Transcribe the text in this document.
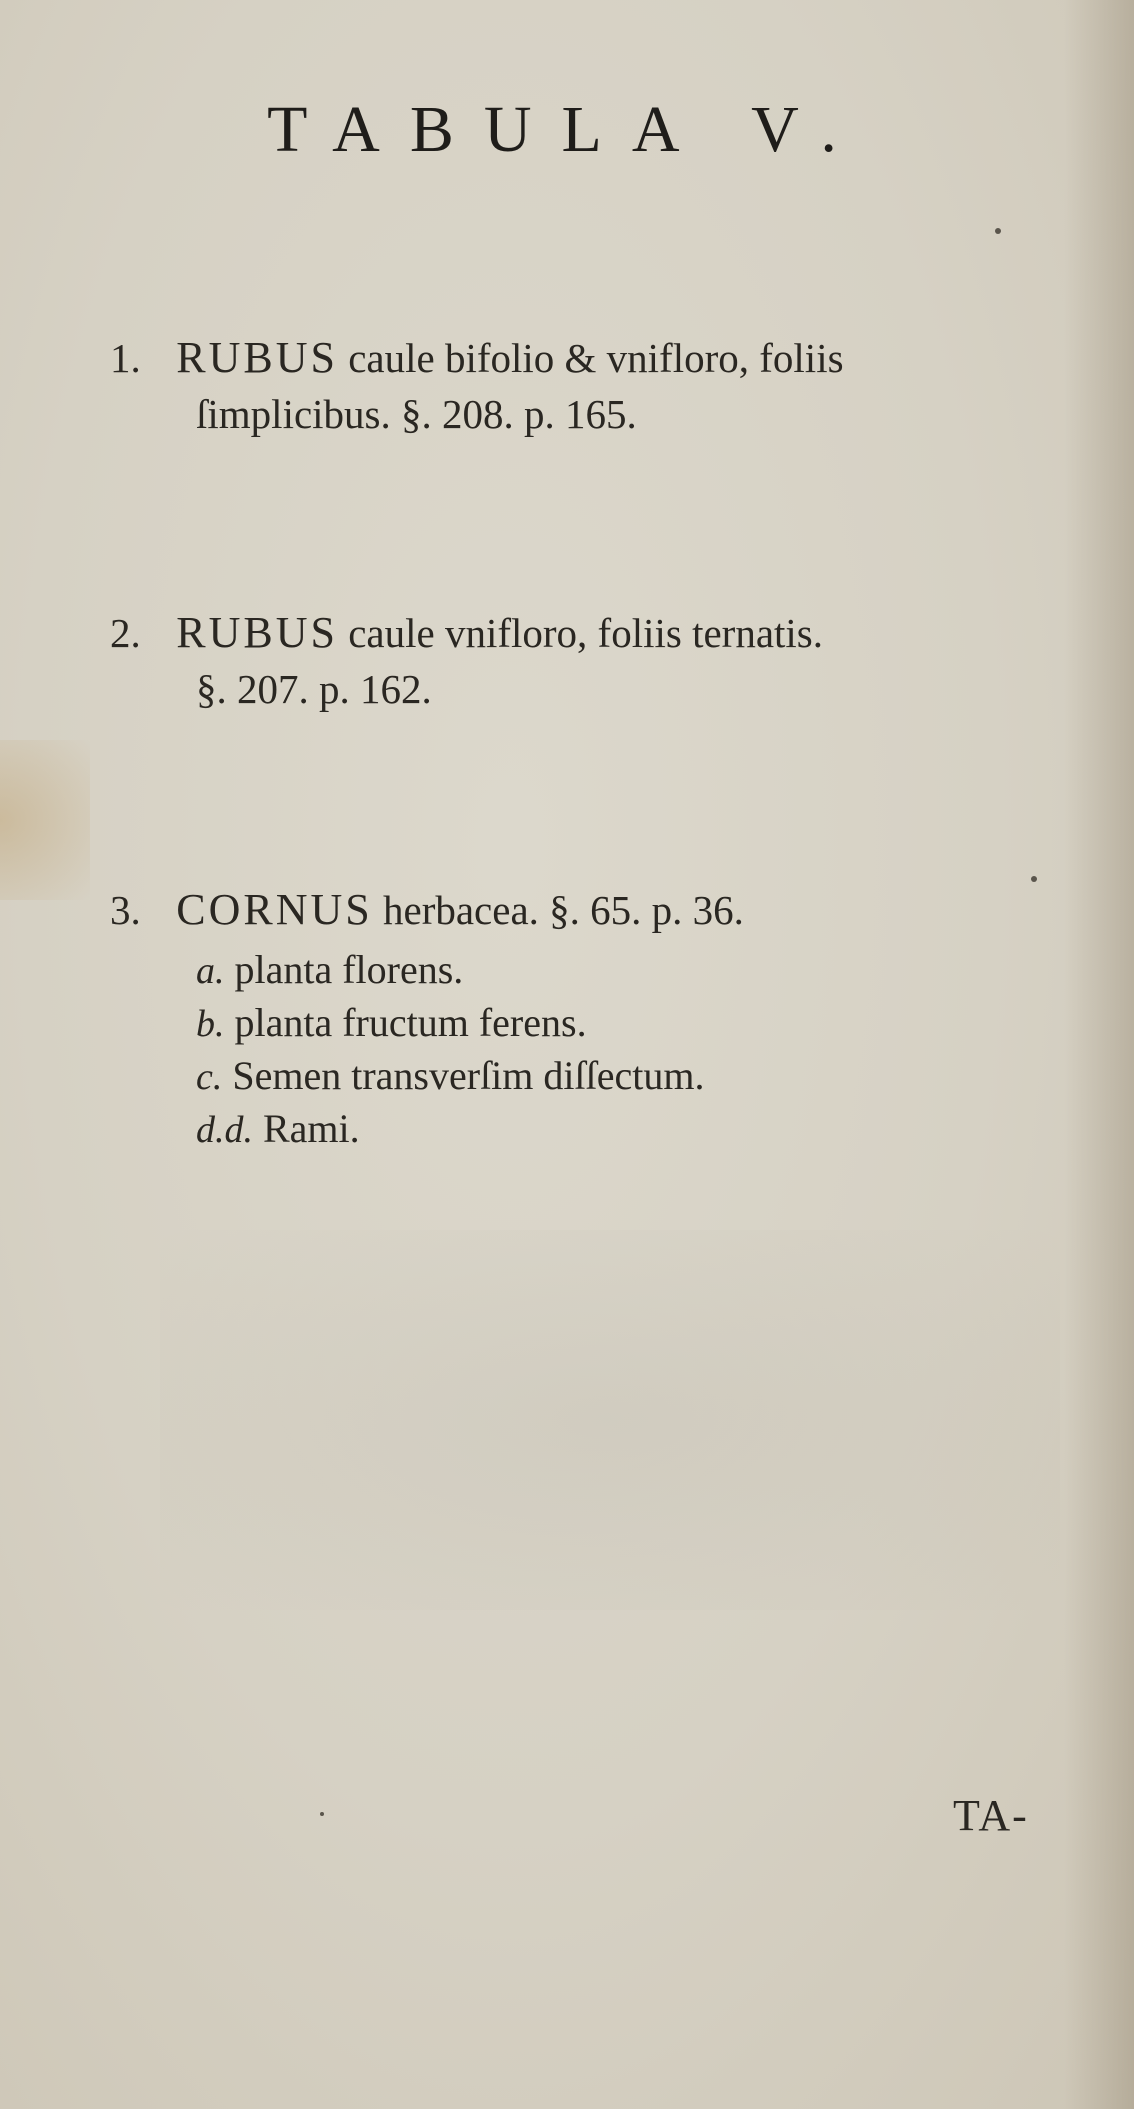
TABULA V.
1. RUBUS caule bifolio & vnifloro, foliis
ſimplicibus. §. 208. p. 165.
2. RUBUS caule vnifloro, foliis ternatis.
§. 207. p. 162.
3. CORNUS herbacea. §. 65. p. 36.
a. planta florens.
b. planta fructum ferens.
c. Semen transverſim diſſectum.
d.d. Rami.
TA-
